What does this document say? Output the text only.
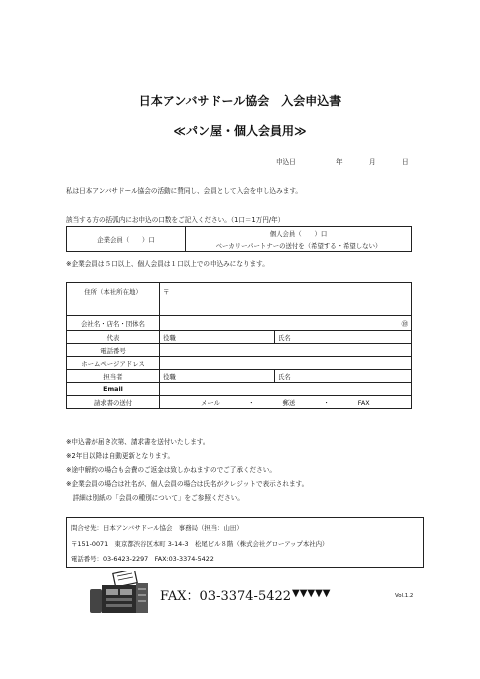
日本アンバサドール協会　入会申込書
≪パン屋・個人会員用≫
申込日	年	月	日
私は日本アンバサドール協会の活動に賛同し、会員として入会を申し込みます。
該当する方の括弧内にお申込の口数をご記入ください。（1口＝1万円/年）
企業会員（　　）口	個人会員（　　）口
ベーカリーパートナーの送付を（希望する・希望しない）
※企業会員は５口以上、個人会員は１口以上での申込みになります。
住所（本社所在地）	〒	
会社名・店名・団体名	㊞	
代表	役職	氏名
電話番号		
ホームページアドレス		
担当者	役職	氏名
Email		
請求書の送付	メール ・ 郵送 ・ FAX	
※申込書が届き次第、請求書を送付いたします。
※2年目以降は自動更新となります。
※途中解約の場合も会費のご返金は致しかねますのでご了承ください。
※企業会員の場合は社名が、個人会員の場合は氏名がクレジットで表示されます。
　詳細は別紙の「会員の種別について」をご参照ください。
問合せ先：日本アンバサドール協会　事務局（担当：山田）
〒151-0071　東京都渋谷区本町 3-14-3　松尾ビル８階（株式会社グローアップ本社内）
電話番号：03-6423-2297　FAX:03-3374-5422
FAX：03-3374-5422 ▼▼▼▼▼	Vol.1.2
